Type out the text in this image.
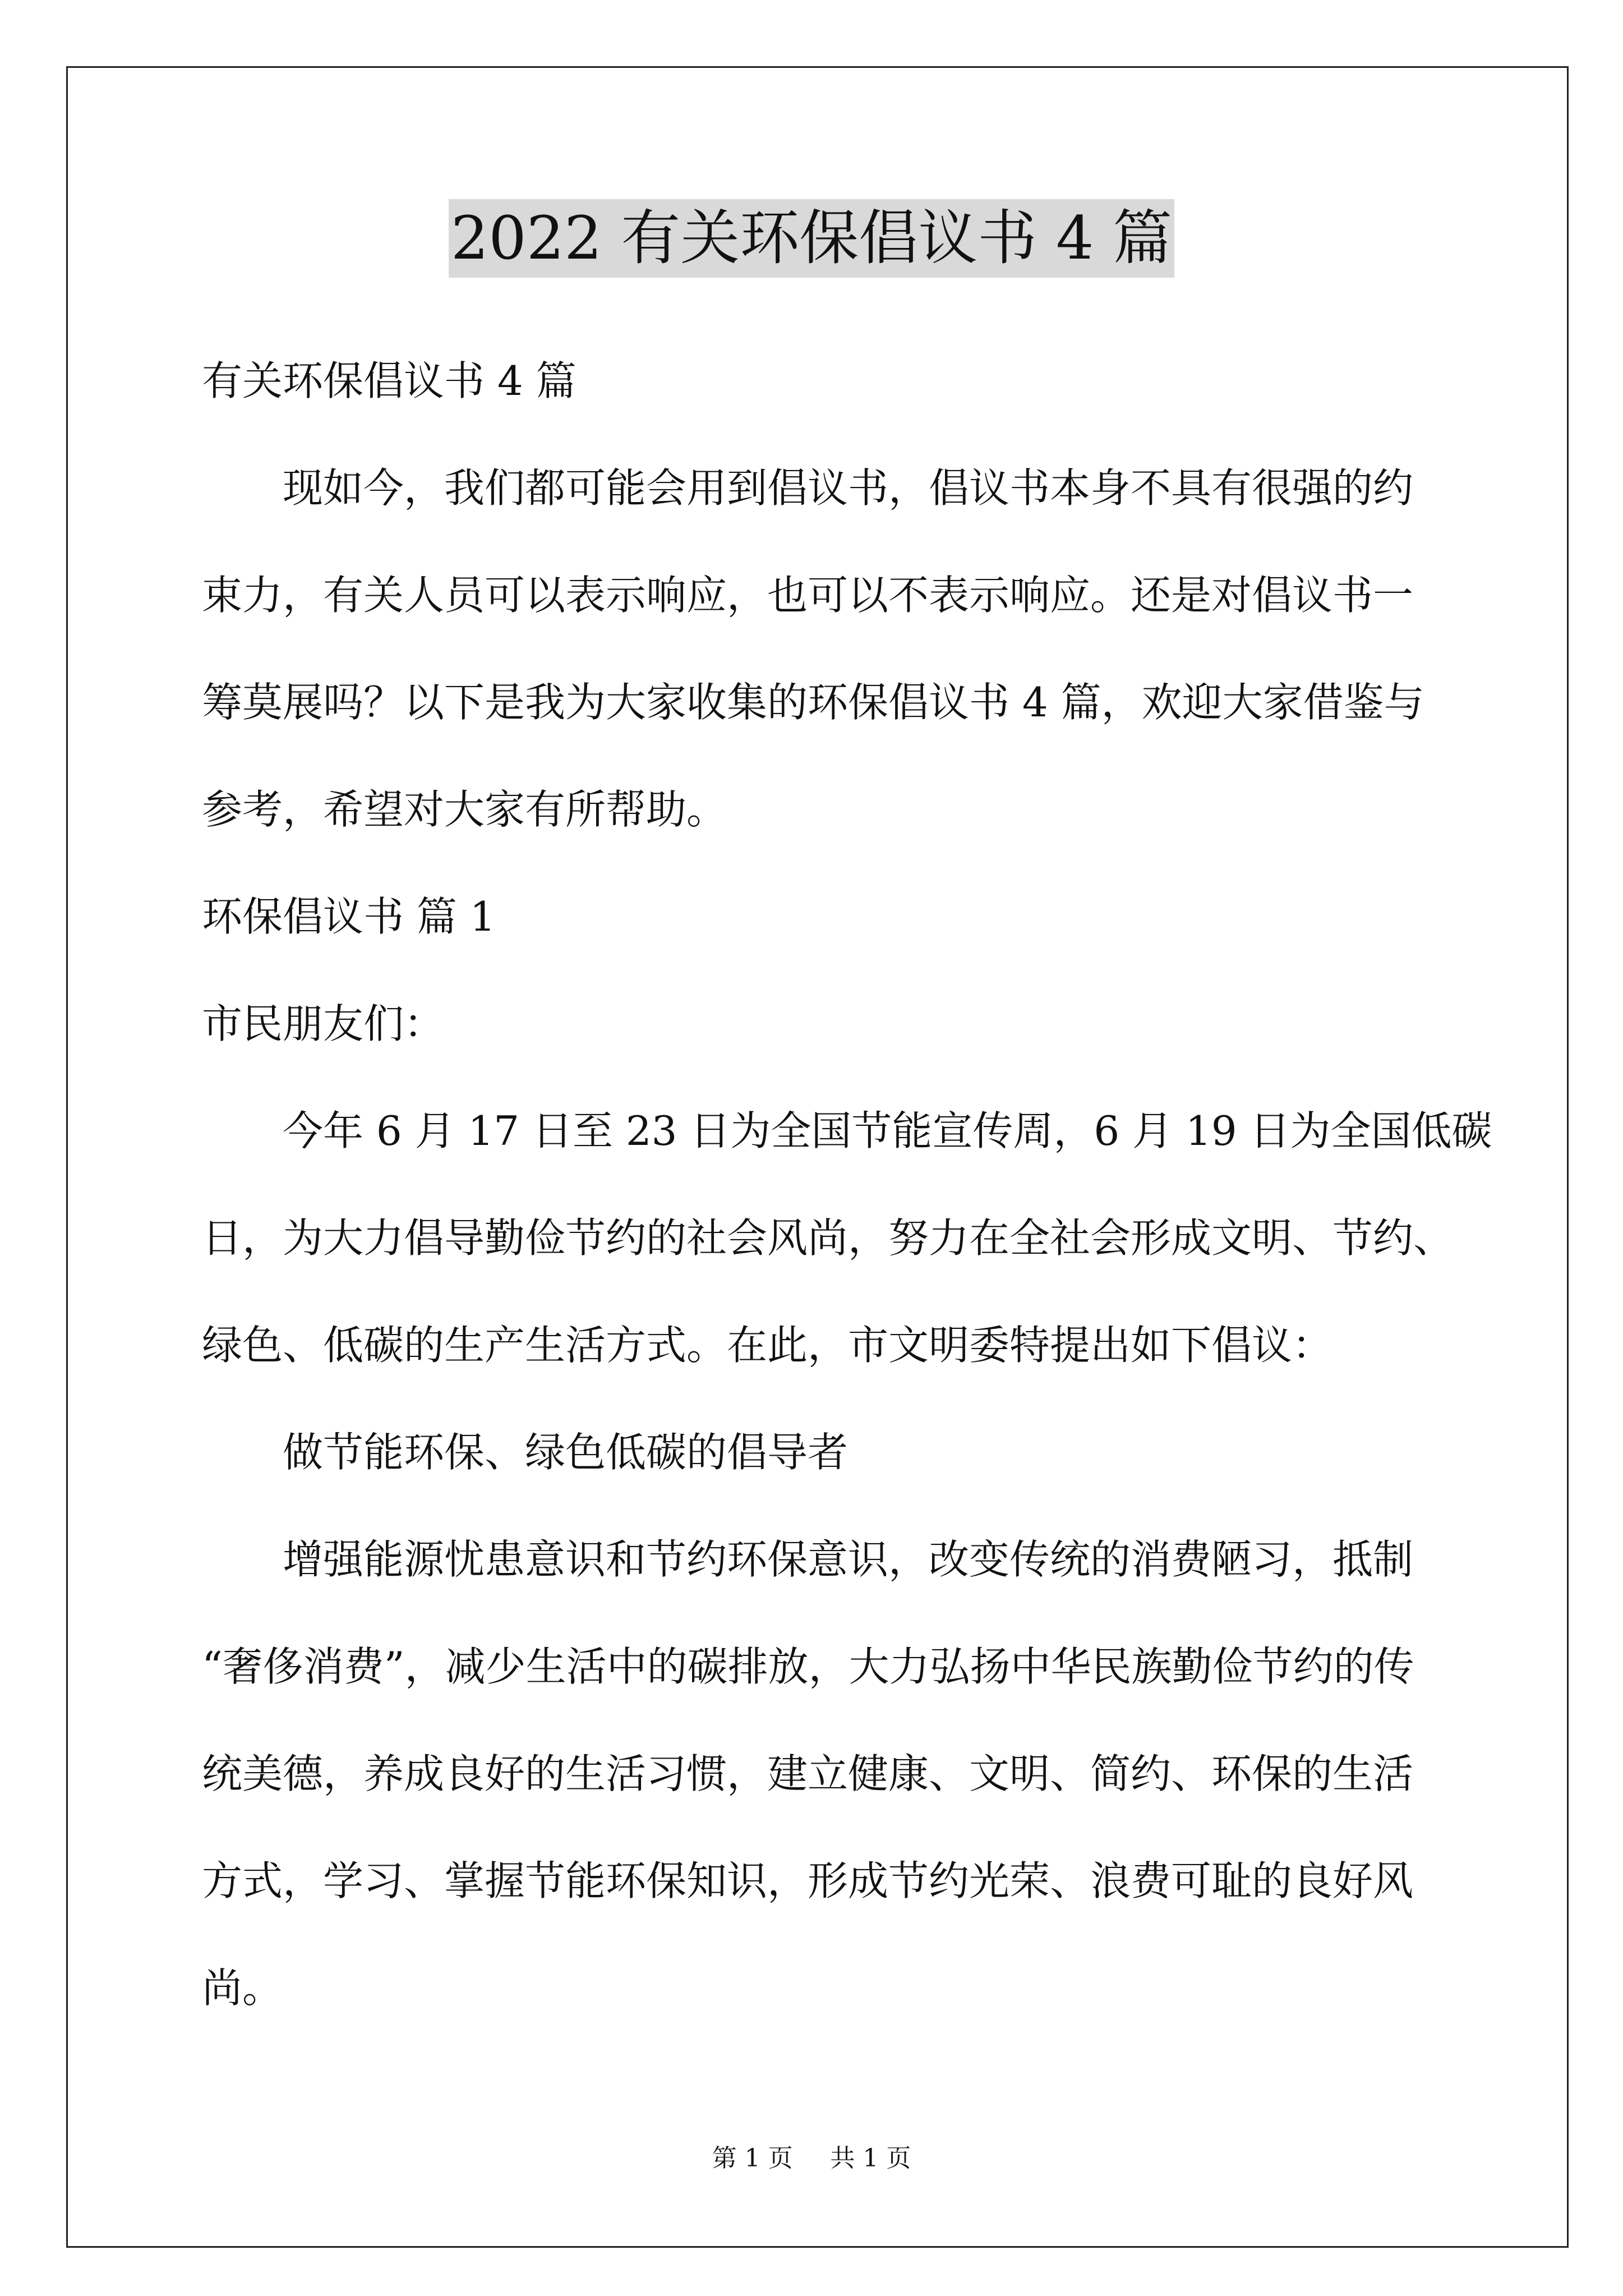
2022 有关环保倡议书 4 篇
有关环保倡议书 4 篇
现如今，我们都可能会用到倡议书，倡议书本身不具有很强的约
束力，有关人员可以表示响应，也可以不表示响应。还是对倡议书一
筹莫展吗？以下是我为大家收集的环保倡议书 4 篇，欢迎大家借鉴与
参考，希望对大家有所帮助。
环保倡议书 篇 1
市民朋友们：
今年 6 月 17 日至 23 日为全国节能宣传周，6 月 19 日为全国低碳
日，为大力倡导勤俭节约的社会风尚，努力在全社会形成文明、节约、
绿色、低碳的生产生活方式。在此，市文明委特提出如下倡议：
做节能环保、绿色低碳的倡导者
增强能源忧患意识和节约环保意识，改变传统的消费陋习，抵制
“奢侈消费”，减少生活中的碳排放，大力弘扬中华民族勤俭节约的传
统美德，养成良好的生活习惯，建立健康、文明、简约、环保的生活
方式，学习、掌握节能环保知识，形成节约光荣、浪费可耻的良好风
尚。
第 1 页 共 1 页
